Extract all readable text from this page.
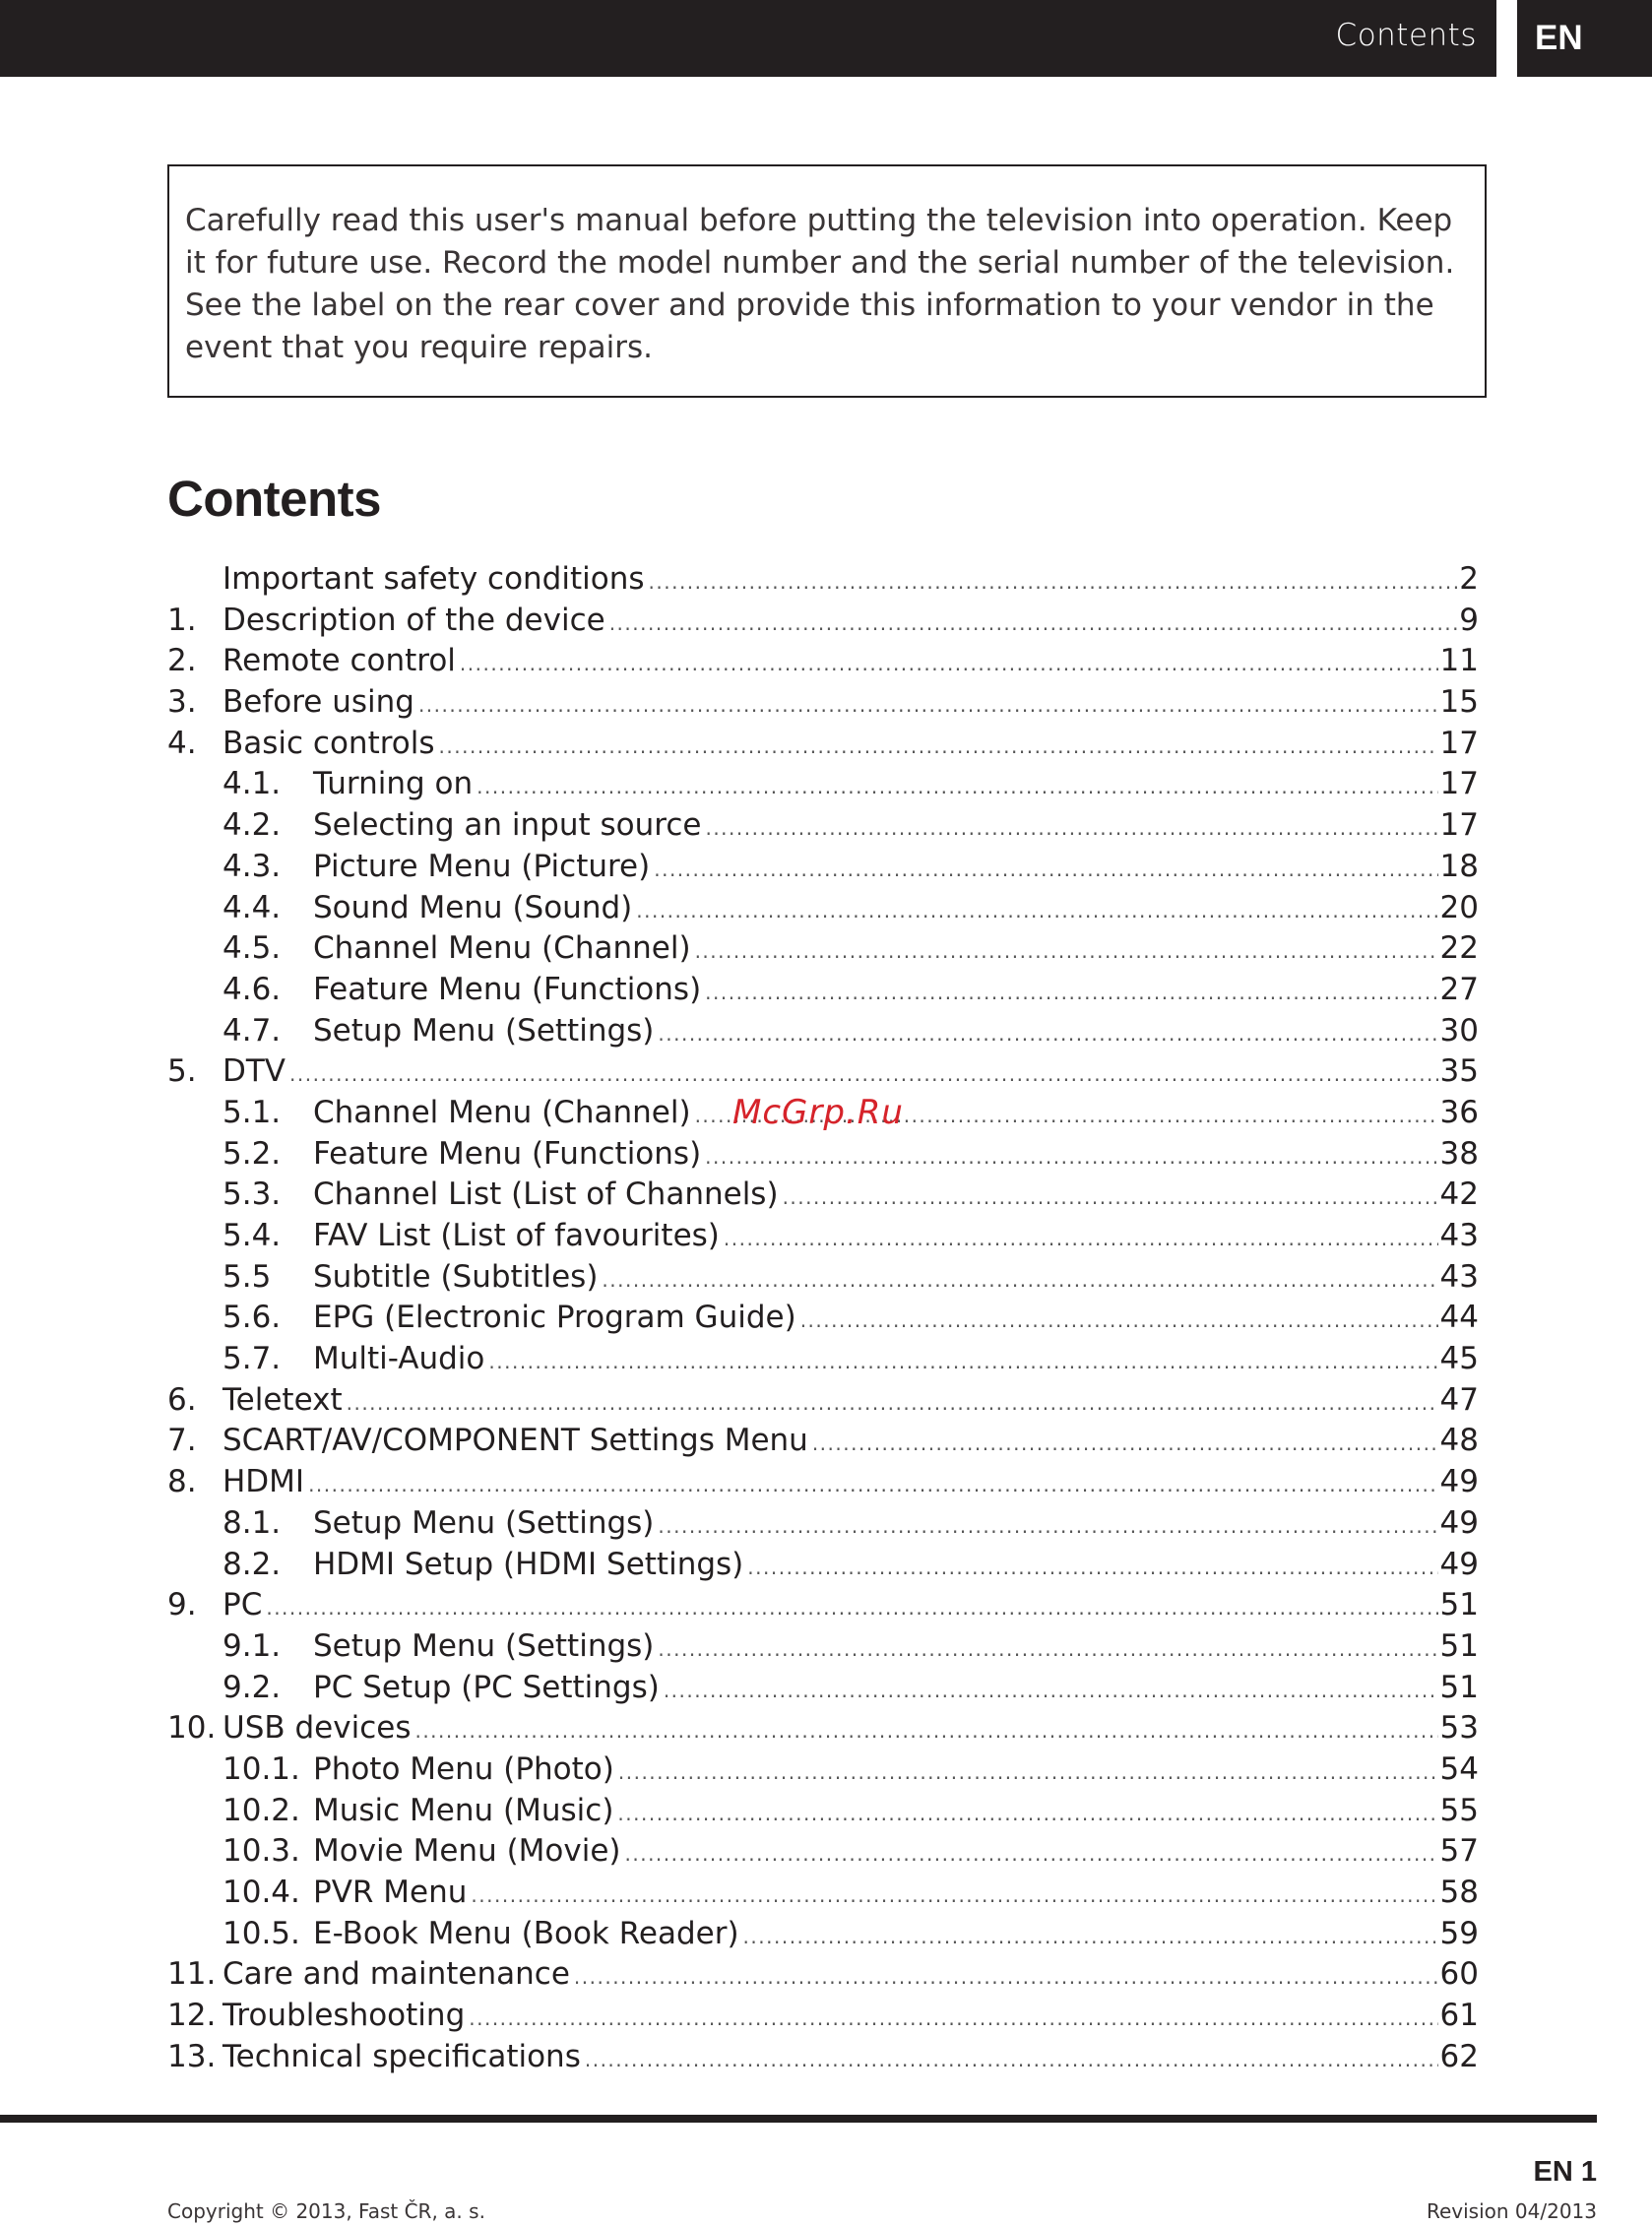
Contents	EN
Carefully read this user's manual before putting the television into operation. Keep it for future use. Record the model number and the serial number of the television. See the label on the rear cover and provide this information to your vendor in the event that you require repairs.
Contents
Important safety conditions .....	2
1. Description of the device .....	9
2. Remote control .....	11
3. Before using .....	15
4. Basic controls .....	17
4.1.	Turning on .....	17
4.2.	Selecting an input source .....	17
4.3.	Picture Menu (Picture) .....	18
4.4.	Sound Menu (Sound) .....	20
4.5.	Channel Menu (Channel) .....	22
4.6.	Feature Menu (Functions) .....	27
4.7.	Setup Menu (Settings) .....	30
5. DTV .....	35
5.1.	Channel Menu (Channel) .....	36
5.2.	Feature Menu (Functions) .....	38
5.3.	Channel List (List of Channels) .....	42
5.4.	FAV List (List of favourites) .....	43
5.5	Subtitle (Subtitles) .....	43
5.6.	EPG (Electronic Program Guide) .....	44
5.7.	Multi-Audio .....	45
6. Teletext .....	47
7. SCART/AV/COMPONENT Settings Menu .....	48
8. HDMI .....	49
8.1.	Setup Menu (Settings) .....	49
8.2.	HDMI Setup (HDMI Settings) .....	49
9. PC .....	51
9.1.	Setup Menu (Settings) .....	51
9.2.	PC Setup (PC Settings) .....	51
10. USB devices .....	53
10.1. Photo Menu (Photo) .....	54
10.2. Music Menu (Music) .....	55
10.3. Movie Menu (Movie) .....	57
10.4. PVR Menu .....	58
10.5. E-Book Menu (Book Reader) .....	59
11. Care and maintenance .....	60
12. Troubleshooting .....	61
13. Technical specifications .....	62
McGrp.Ru
EN 1
Copyright © 2013, Fast ČR, a. s.	Revision 04/2013
